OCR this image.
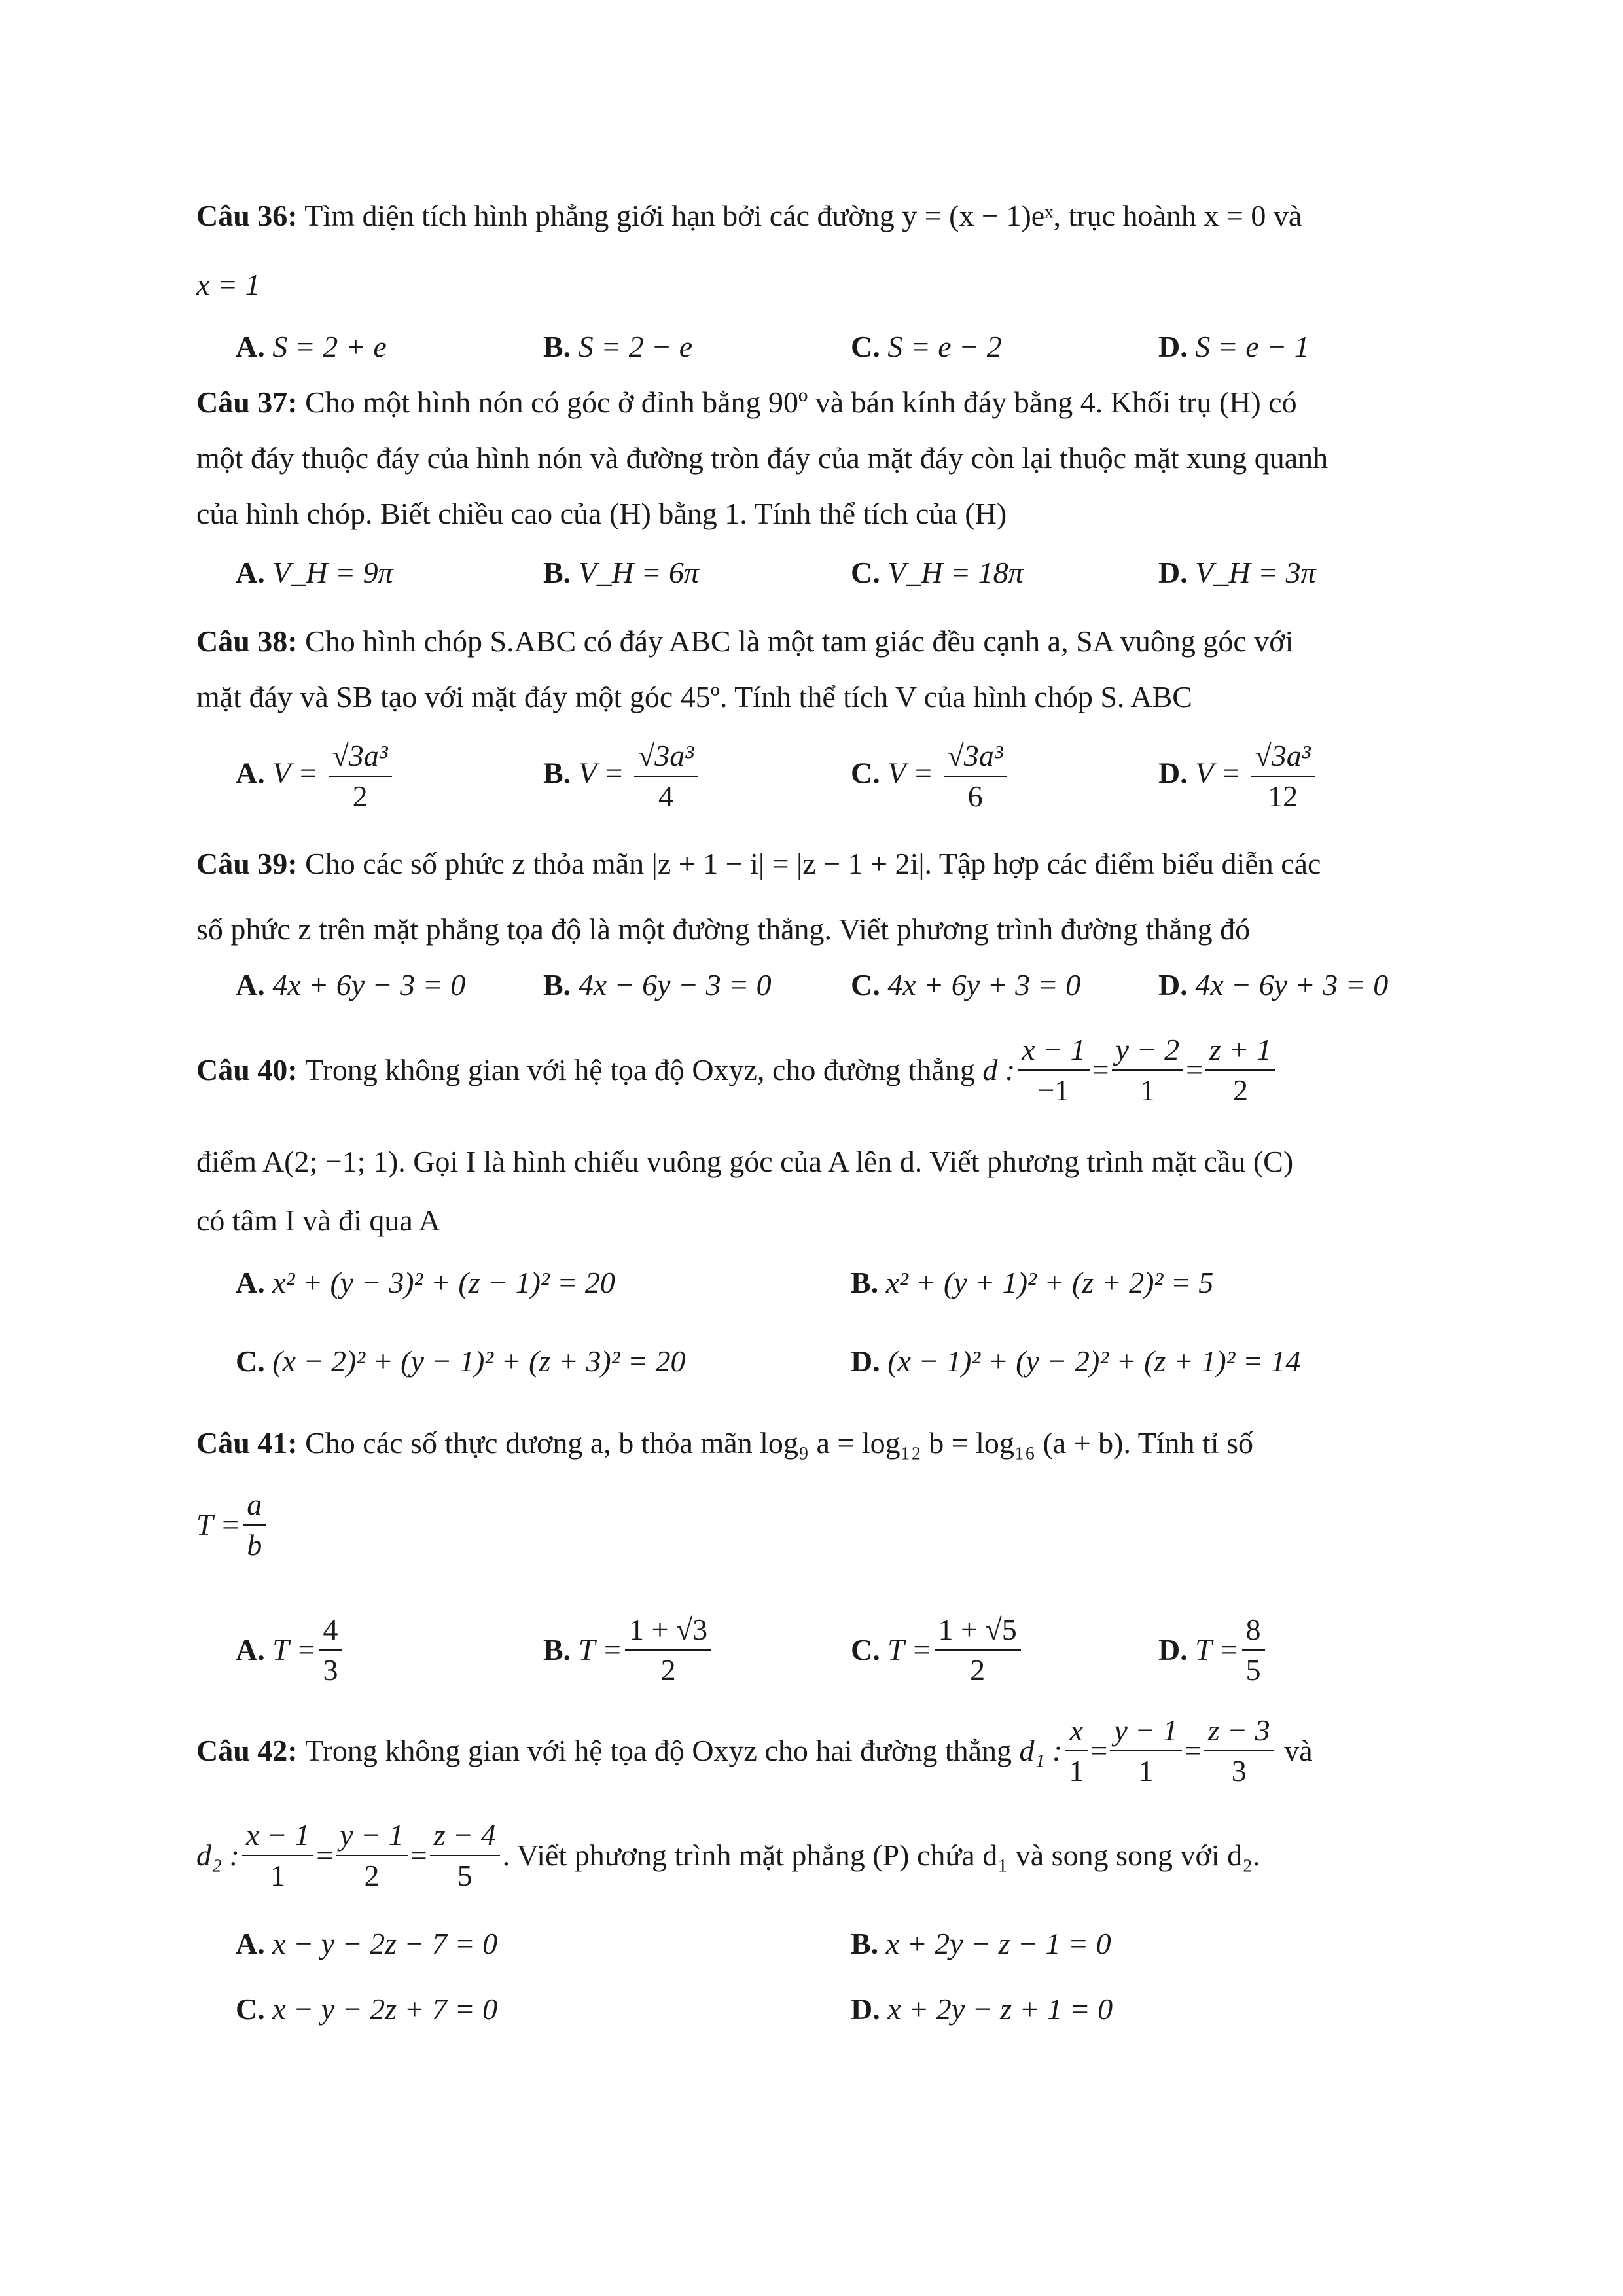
Câu 36: Tìm diện tích hình phẳng giới hạn bởi các đường y = (x − 1)eˣ, trục hoành x = 0 và
x = 1
A. S = 2 + e	B. S = 2 − e	C. S = e − 2	D. S = e − 1
Câu 37: Cho một hình nón có góc ở đỉnh bằng 90º và bán kính đáy bằng 4. Khối trụ (H) có
một đáy thuộc đáy của hình nón và đường tròn đáy của mặt đáy còn lại thuộc mặt xung quanh
của hình chóp. Biết chiều cao của (H) bằng 1. Tính thể tích của (H)
A. V_H = 9π	B. V_H = 6π	C. V_H = 18π	D. V_H = 3π
Câu 38: Cho hình chóp S.ABC có đáy ABC là một tam giác đều cạnh a, SA vuông góc với
mặt đáy và SB tạo với mặt đáy một góc 45º. Tính thể tích V của hình chóp S. ABC
A. $V = \frac{\text{√3a³}}{2}$	B. $V = \frac{\text{√3a³}}{4}$	C. $V = \frac{\text{√3a³}}{6}$	D. $V = \frac{\text{√3a³}}{12}$
Câu 39: Cho các số phức z thỏa mãn |z + 1 − i| = |z − 1 + 2i|. Tập hợp các điểm biểu diễn các
số phức z trên mặt phẳng tọa độ là một đường thẳng. Viết phương trình đường thẳng đó
A. 4x + 6y − 3 = 0	B. 4x − 6y − 3 = 0	C. 4x + 6y + 3 = 0	D. 4x − 6y + 3 = 0
Câu 40:
Trong không gian với hệ tọa độ Oxyz, cho đường thẳng
d : $\frac{x - 1}{-1} = \frac{y - 2}{1} = \frac{z + 1}{2}$
điểm A(2; −1; 1). Gọi I là hình chiếu vuông góc của A lên d. Viết phương trình mặt cầu (C)
có tâm I và đi qua A
A. x² + (y − 3)² + (z − 1)² = 20	B. x² + (y + 1)² + (z + 2)² = 5
C. (x − 2)² + (y − 1)² + (z + 3)² = 20	D. (x − 1)² + (y − 2)² + (z + 1)² = 14
Câu 41: Cho các số thực dương a, b thỏa mãn log₉ a = log₁₂ b = log₁₆ (a + b). Tính tỉ số
$T = \frac{a}{b}$
A.
$T = \frac{4}{3}$	B.
$T = \frac{1 + √3}{2}$	C.
$T = \frac{1 + √5}{2}$	D.
$T = \frac{8}{5}$
Câu 42:
Trong không gian với hệ tọa độ Oxyz cho hai đường thẳng
d₁ : $\frac{x}{1} = \frac{y - 1}{1} = \frac{z - 3}{3}$
và
d₂ : $\frac{x - 1}{1} = \frac{y - 1}{2} = \frac{z - 4}{5}$ . Viết phương trình mặt phẳng (P) chứa d₁ và song song với d₂.
A. x − y − 2z − 7 = 0	B. x + 2y − z − 1 = 0
C. x − y − 2z + 7 = 0	D. x + 2y − z + 1 = 0
